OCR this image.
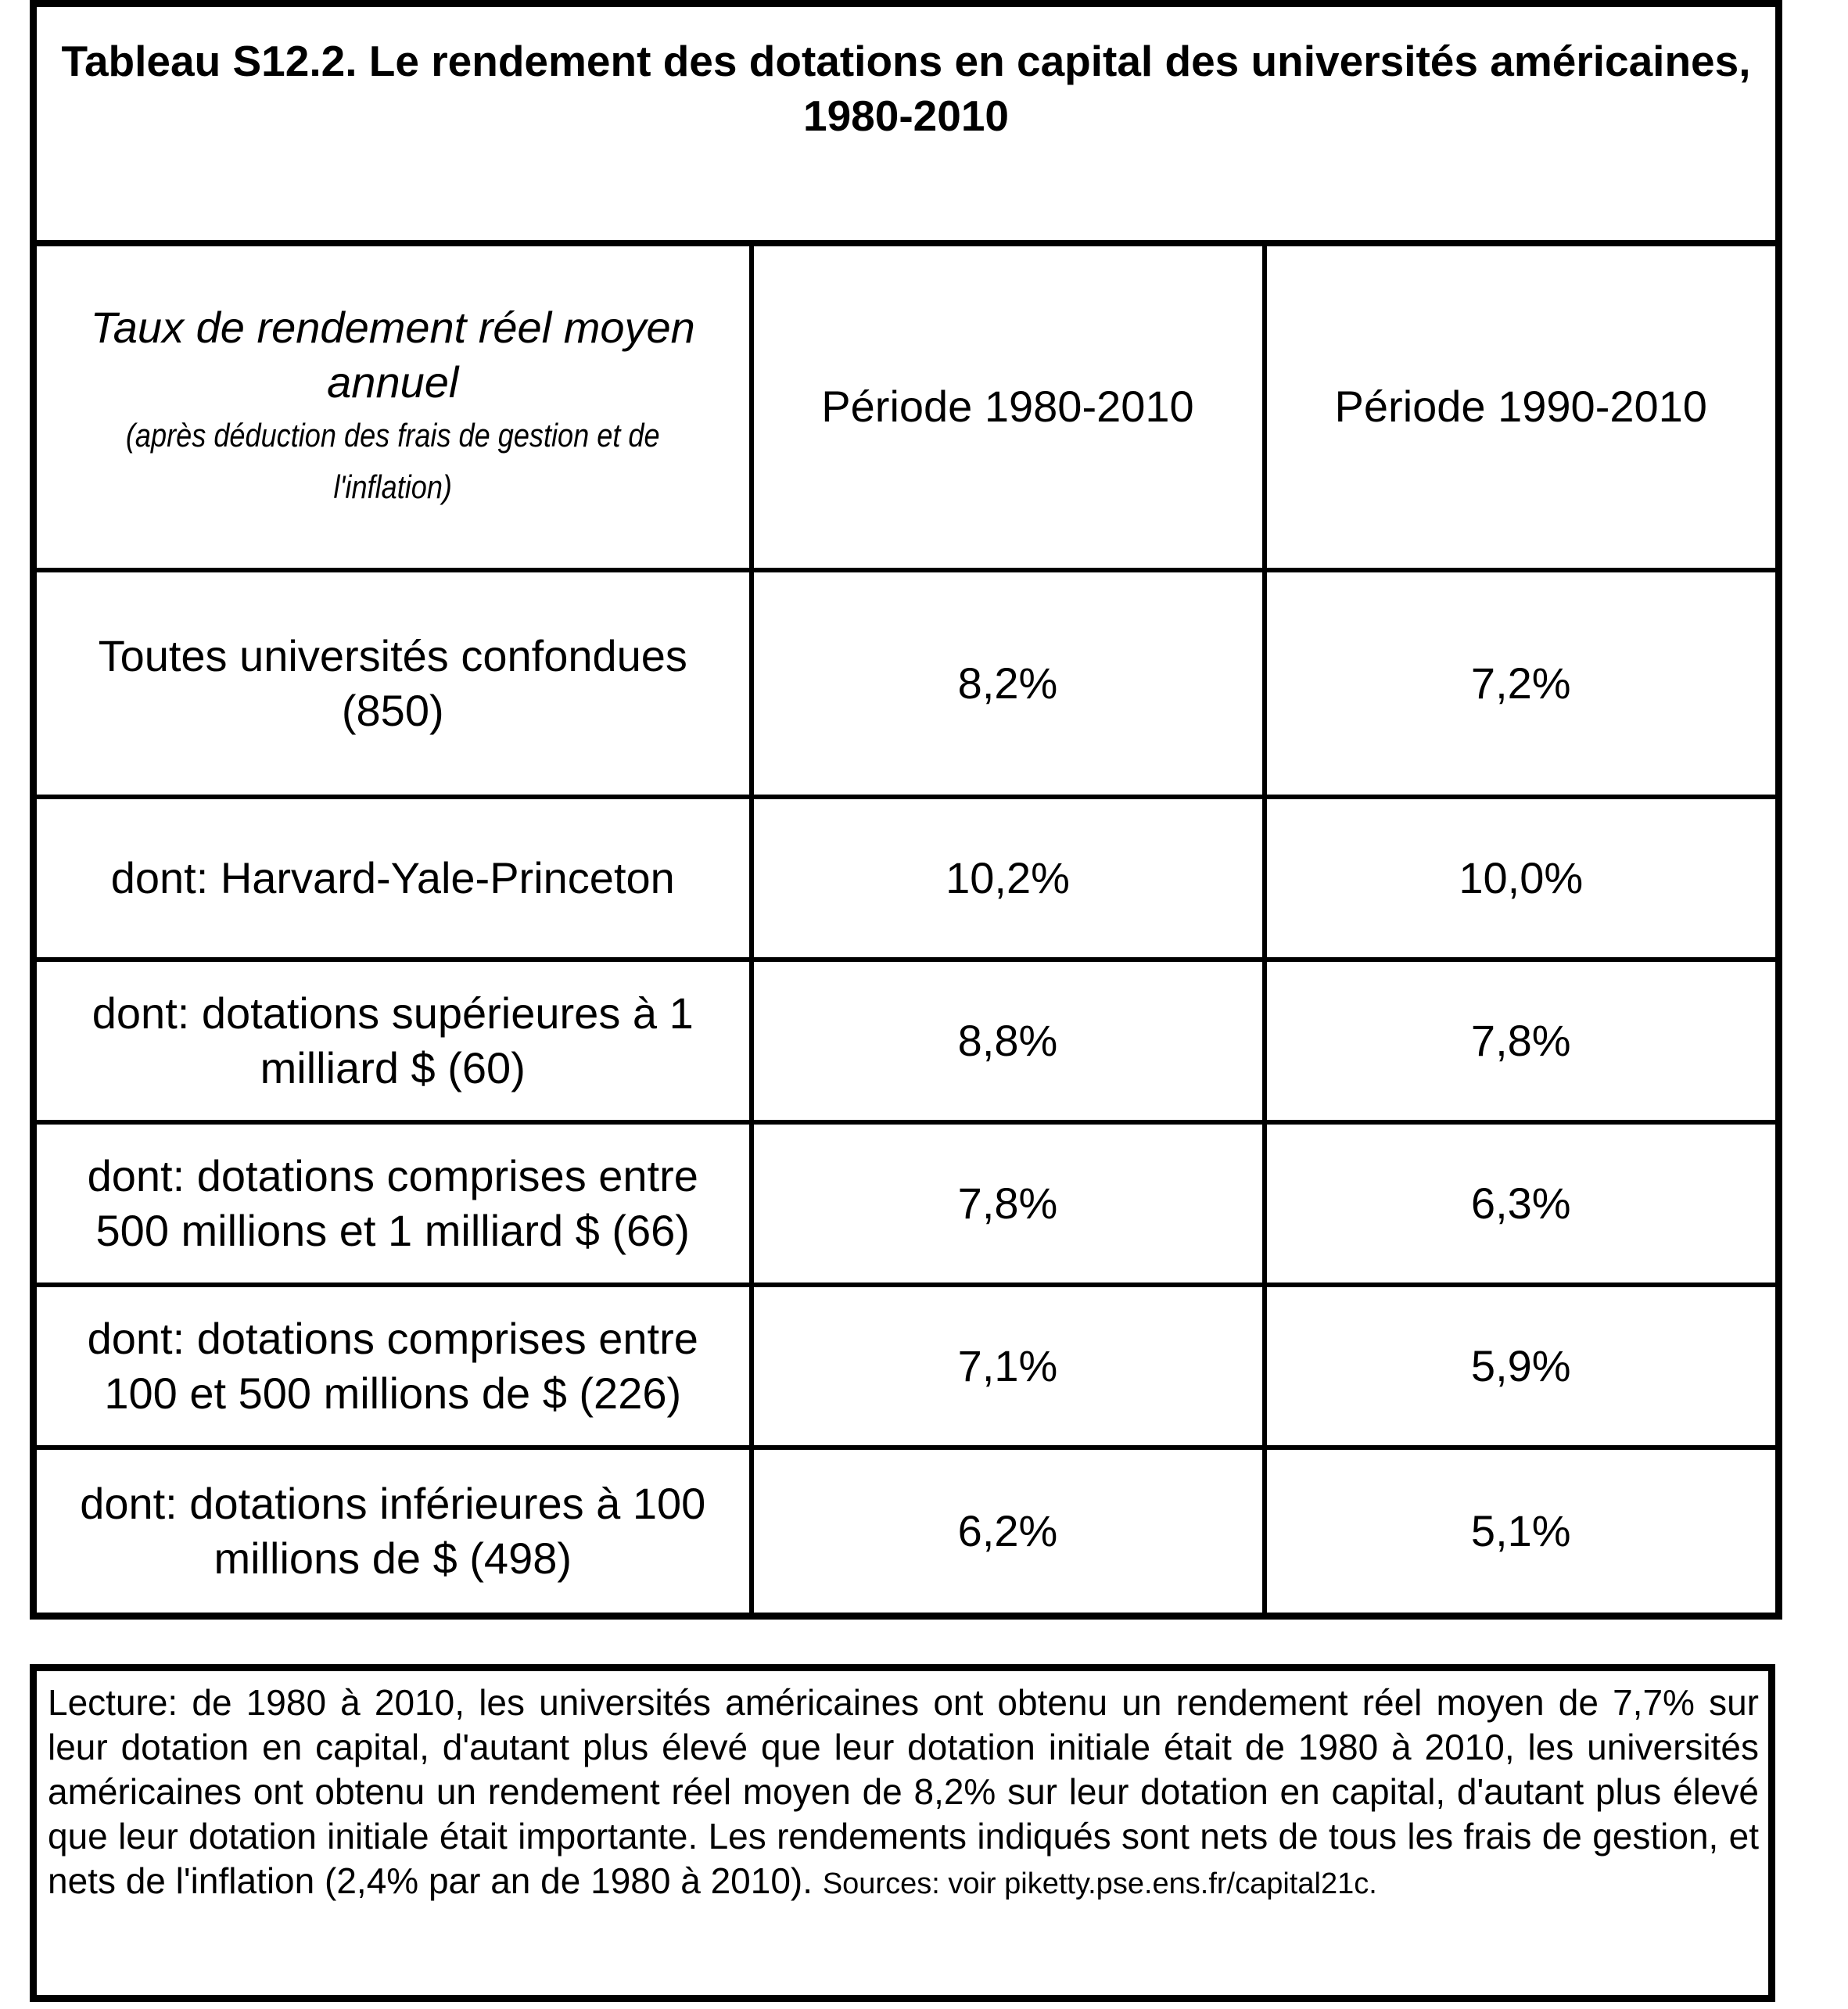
Tableau S12.2. Le rendement des dotations en capital des universités américaines, 1980-2010		

Taux de rendement réel moyen annuel
(après déduction des frais de gestion et de l'inflation)	Période 1980-2010	Période 1990-2010
Toutes universités confondues (850)	8,2%	7,2%
dont: Harvard-Yale-Princeton	10,2%	10,0%
dont: dotations supérieures à 1 milliard $ (60)	8,8%	7,8%
dont: dotations comprises entre 500 millions et 1 milliard $ (66)	7,8%	6,3%
dont: dotations comprises entre 100 et 500 millions de $ (226)	7,1%	5,9%
dont: dotations inférieures à 100 millions de $ (498)	6,2%	5,1%
Lecture: de 1980 à 2010, les universités américaines ont obtenu un rendement réel moyen de 7,7% sur leur dotation en capital, d'autant plus élevé que leur dotation initiale était de 1980 à 2010, les universités américaines ont obtenu un rendement réel moyen de 8,2% sur leur dotation en capital, d'autant plus élevé que leur dotation initiale était importante. Les rendements indiqués sont nets de tous les frais de gestion, et nets de l'inflation (2,4% par an de 1980 à 2010). Sources: voir piketty.pse.ens.fr/capital21c.
